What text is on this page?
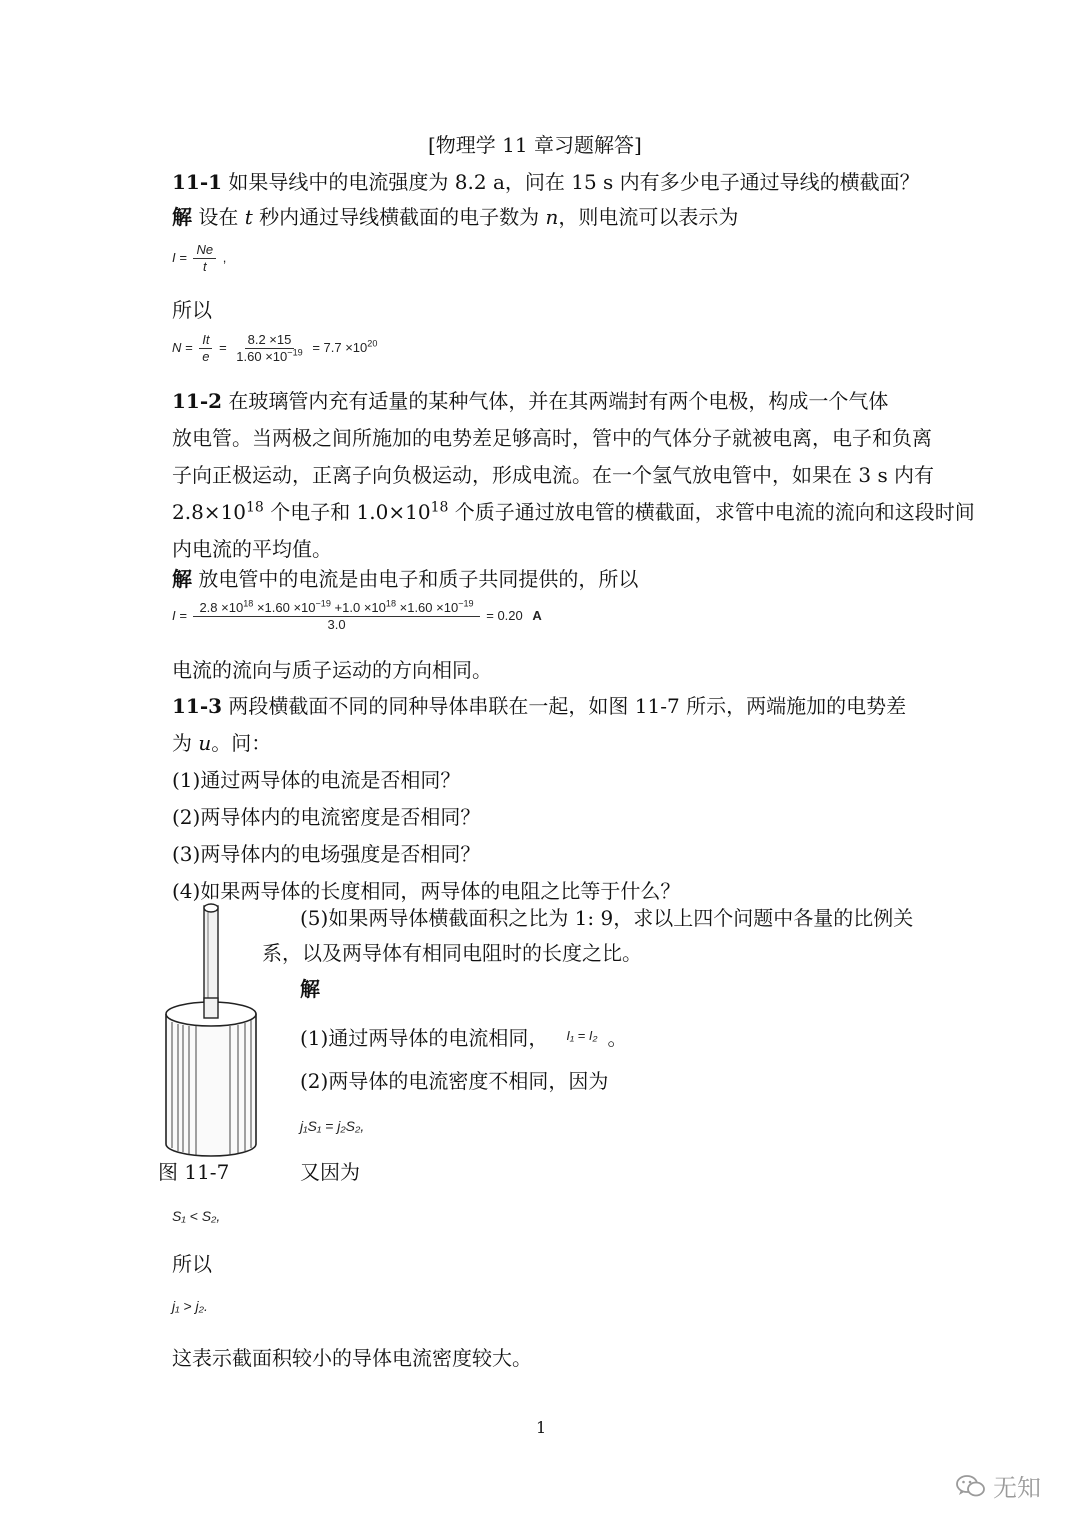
[物理学 11 章习题解答]
11-1 如果导线中的电流强度为 8.2 a，问在 15 s 内有多少电子通过导线的横截面？
解 设在 t 秒内通过导线横截面的电子数为 n，则电流可以表示为
$I = \frac{Ne}{t}$ ,
所以
$N = \frac{It}{e} = \frac{8.2 \times 15}{1.60 \times 10^{-19}} = 7.7 \times 10^{20}$
11-2 在玻璃管内充有适量的某种气体，并在其两端封有两个电极，构成一个气体
放电管。当两极之间所施加的电势差足够高时，管中的气体分子就被电离，电子和负离
子向正极运动，正离子向负极运动，形成电流。在一个氢气放电管中，如果在 3 s 内有
$2.8\times 10^{18}$ 个电子和 $1.0\times 10^{18}$ 个质子通过放电管的横截面，求管中电流的流向和这段时间
内电流的平均值。
解 放电管中的电流是由电子和质子共同提供的，所以
$I = \frac{2.8 \times 10^{18} \times 1.60 \times 10^{-19} +1.0 \times 10^{18} \times 1.60 \times 10^{-19}}{3.0} = 0.20$ A
电流的流向与质子运动的方向相同。
11-3 两段横截面不同的同种导体串联在一起，如图 11-7 所示，两端施加的电势差
为 u。问：
(1)通过两导体的电流是否相同？
(2)两导体内的电流密度是否相同？
(3)两导体内的电场强度是否相同？
(4)如果两导体的长度相同，两导体的电阻之比等于什么？
图 11-7
(5)如果两导体横截面积之比为 1: 9，求以上四个问题中各量的比例关
系，以及两导体有相同电阻时的长度之比。
解
(1)通过两导体的电流相同， $^{I_1 = I_2}$ 。
(2)两导体的电流密度不相同，因为
j₁S₁ = j₂S₂,
又因为
S₁ < S₂,
所以
j₁ > j₂.
这表示截面积较小的导体电流密度较大。
1
无知
